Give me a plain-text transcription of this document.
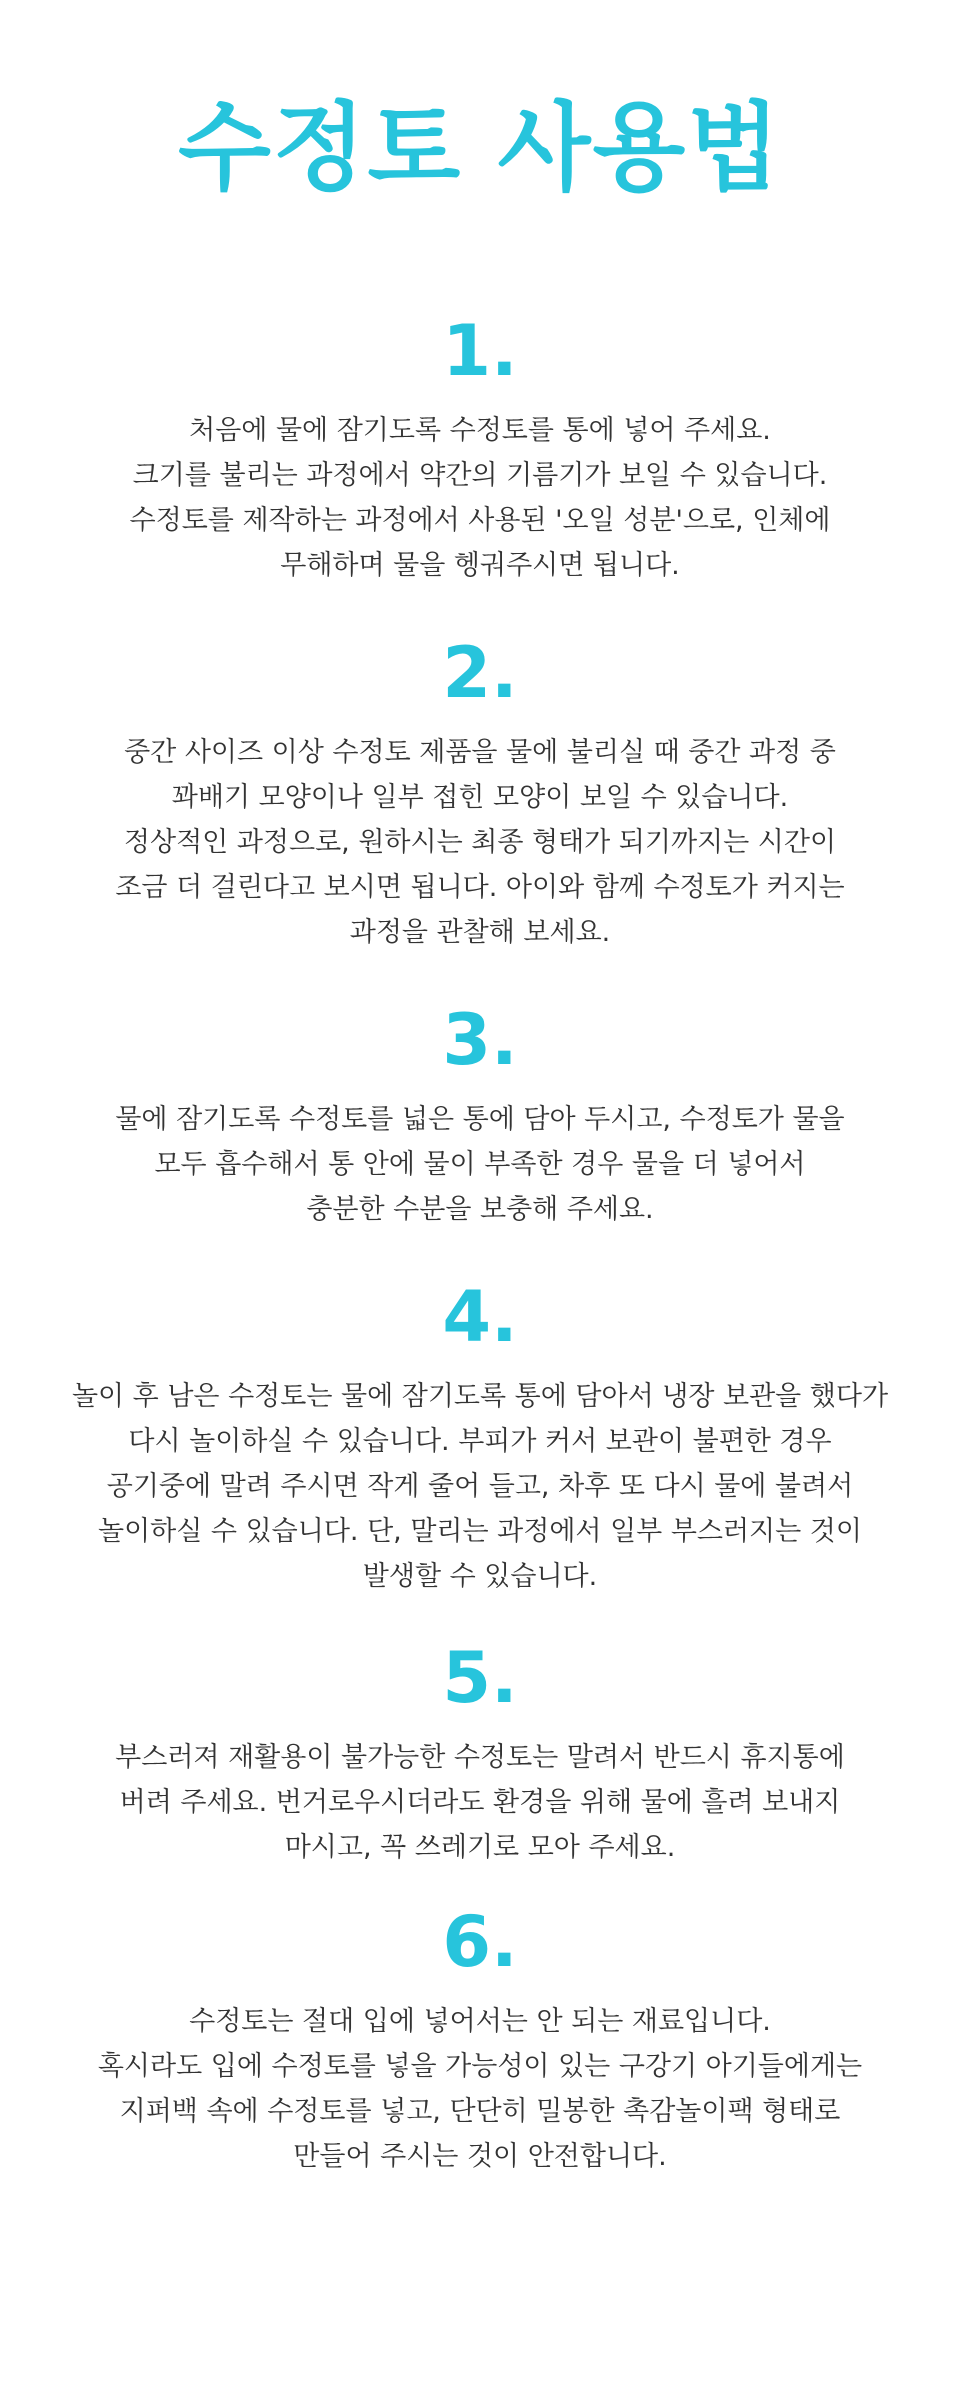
수정토 사용법
1.

처음에 물에 잠기도록 수정토를 통에 넣어 주세요.
크기를 불리는 과정에서 약간의 기름기가 보일 수 있습니다.
수정토를 제작하는 과정에서 사용된 '오일 성분'으로, 인체에
무해하며 물을 헹궈주시면 됩니다.

2.

중간 사이즈 이상 수정토 제품을 물에 불리실 때 중간 과정 중
꽈배기 모양이나 일부 접힌 모양이 보일 수 있습니다.
정상적인 과정으로, 원하시는 최종 형태가 되기까지는 시간이
조금 더 걸린다고 보시면 됩니다. 아이와 함께 수정토가 커지는
과정을 관찰해 보세요.

3.

물에 잠기도록 수정토를 넓은 통에 담아 두시고, 수정토가 물을
모두 흡수해서 통 안에 물이 부족한 경우 물을 더 넣어서
충분한 수분을 보충해 주세요.

4.

놀이 후 남은 수정토는 물에 잠기도록 통에 담아서 냉장 보관을 했다가
다시 놀이하실 수 있습니다. 부피가 커서 보관이 불편한 경우
공기중에 말려 주시면 작게 줄어 들고, 차후 또 다시 물에 불려서
놀이하실 수 있습니다. 단, 말리는 과정에서 일부 부스러지는 것이
발생할 수 있습니다.

5.

부스러져 재활용이 불가능한 수정토는 말려서 반드시 휴지통에
버려 주세요. 번거로우시더라도 환경을 위해 물에 흘려 보내지
마시고, 꼭 쓰레기로 모아 주세요.

6.

수정토는 절대 입에 넣어서는 안 되는 재료입니다.
혹시라도 입에 수정토를 넣을 가능성이 있는 구강기 아기들에게는
지퍼백 속에 수정토를 넣고, 단단히 밀봉한 촉감놀이팩 형태로
만들어 주시는 것이 안전합니다.
